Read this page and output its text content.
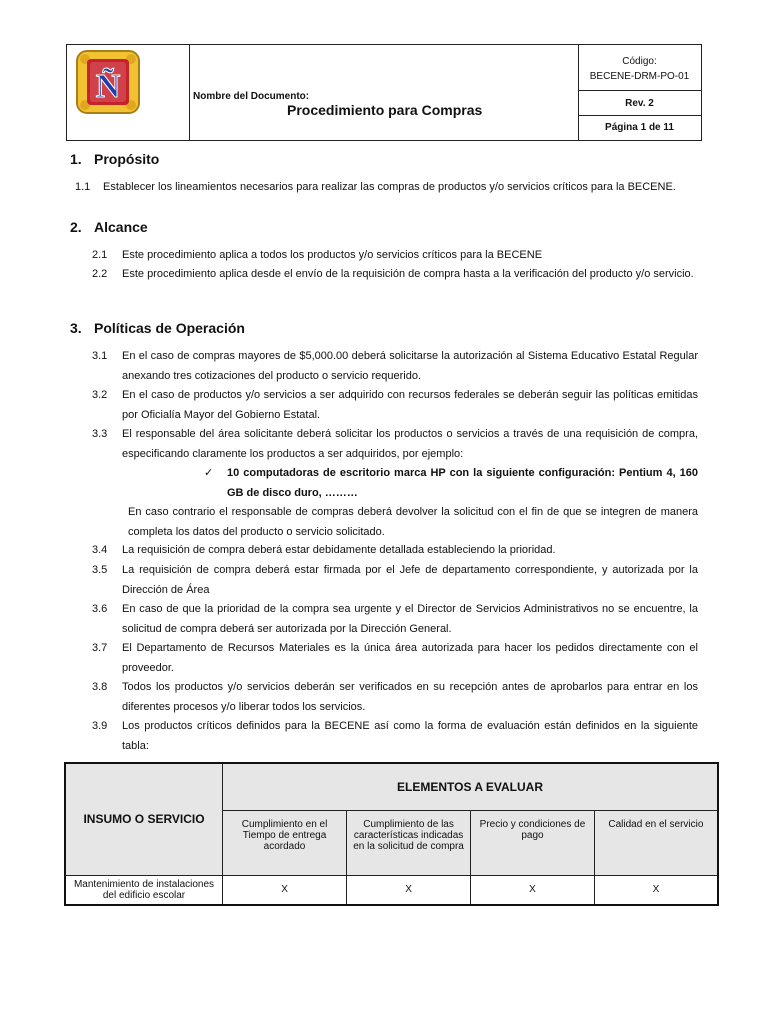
Ñ	Nombre del Documento:
Procedimiento para Compras
Código:
BECENE-DRM-PO-01
Rev. 2
Página 1 de 11
1. Propósito
1.1	Establecer los lineamientos necesarios para realizar las compras de productos y/o servicios críticos para la BECENE.
2. Alcance
2.1	Este procedimiento aplica a todos los productos y/o servicios críticos para la BECENE
2.2	Este procedimiento aplica desde el envío de la requisición de compra hasta a la verificación del producto y/o servicio.
3. Políticas de Operación
3.1	En el caso de compras mayores de $5,000.00 deberá solicitarse la autorización al Sistema Educativo Estatal Regular anexando tres cotizaciones del producto o servicio requerido.
3.2	En el caso de productos y/o servicios a ser adquirido con recursos federales se deberán seguir las políticas emitidas por Oficialía Mayor del Gobierno Estatal.
3.3	El responsable del área solicitante deberá solicitar los productos o servicios a través de una requisición de compra, especificando claramente los productos a ser adquiridos, por ejemplo:
✓ 10 computadoras de escritorio marca HP con la siguiente configuración: Pentium 4, 160 GB de disco duro, ………
En caso contrario el responsable de compras deberá devolver la solicitud con el fin de que se integren de manera completa los datos del producto o servicio solicitado.
3.4	La requisición de compra deberá estar debidamente detallada estableciendo la prioridad.
3.5	La requisición de compra deberá estar firmada por el Jefe de departamento correspondiente, y autorizada por la Dirección de Área
3.6	En caso de que la prioridad de la compra sea urgente y el Director de Servicios Administrativos no se encuentre, la solicitud de compra deberá ser autorizada por la Dirección General.
3.7	El Departamento de Recursos Materiales es la única área autorizada para hacer los pedidos directamente con el proveedor.
3.8	Todos los productos y/o servicios deberán ser verificados en su recepción antes de aprobarlos para entrar en los diferentes procesos y/o liberar todos los servicios.
3.9	Los productos críticos definidos para la BECENE así como la forma de evaluación están definidos en la siguiente tabla:
INSUMO O SERVICIO	ELEMENTOS A EVALUAR			
	Cumplimiento en el Tiempo de entrega acordado	Cumplimiento de las características indicadas en la solicitud de compra	Precio y condiciones de pago	Calidad en el servicio
Mantenimiento de instalaciones del edificio escolar	X	X	X	X
